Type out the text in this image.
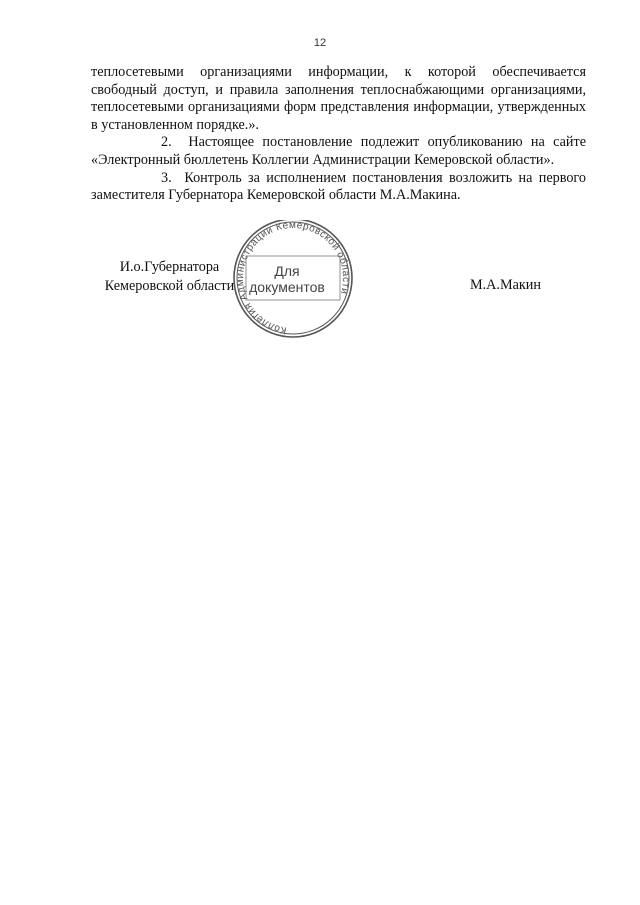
12

теплосетевыми организациями информации, к которой обеспечивается свободный доступ, и правила заполнения теплоснабжающими организациями, теплосетевыми организациями форм представления информации, утвержденных в установленном порядке.».

2. Настоящее постановление подлежит опубликованию на сайте «Электронный бюллетень Коллегии Администрации Кемеровской области».

3. Контроль за исполнением постановления возложить на первого заместителя Губернатора Кемеровской области М.А.Макина.

И.о.Губернатора
Кемеровской области
Коллегия Администрации Кемеровской области
Для
документов	М.А.Макин
